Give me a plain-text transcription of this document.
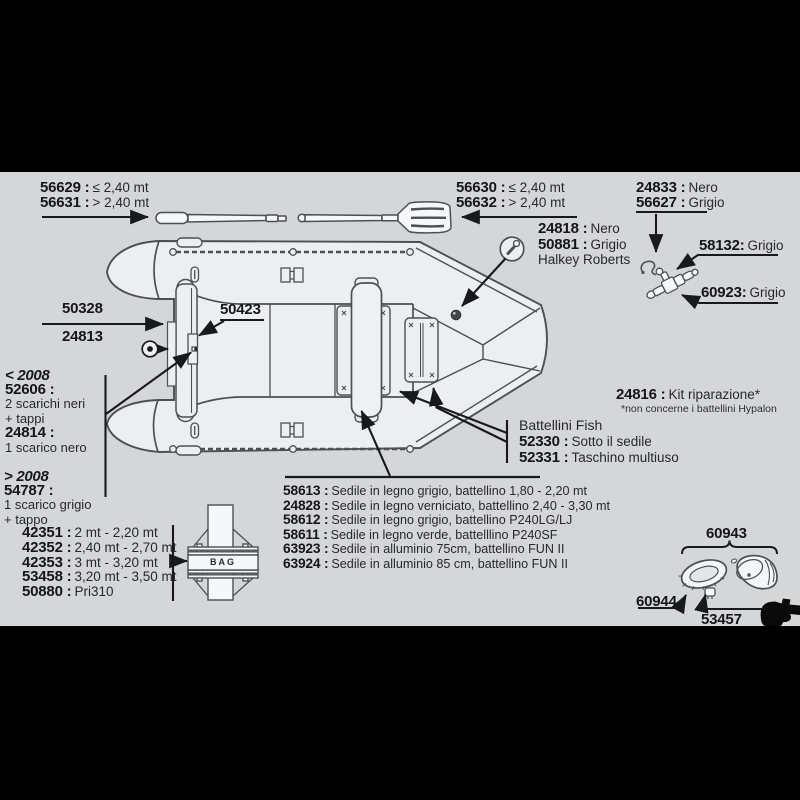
56629 : ≤ 2,40 mt
56631 : > 2,40 mt
56630 : ≤ 2,40 mt
56632 : > 2,40 mt
24833 : Nero
56627 : Grigio
24818 : Nero
50881 : Grigio
Halkey Roberts
58132: Grigio
60923: Grigio
50328
24813
50423
< 2008
52606 :
2 scarichi neri
+ tappi
24814 :
1 scarico nero
> 2008
54787 :
1 scarico grigio
+ tappo
42351 : 2 mt - 2,20 mt
42352 : 2,40 mt - 2,70 mt
42353 : 3 mt - 3,20 mt
53458 : 3,20 mt - 3,50 mt
50880 : Pri310
BAG
24816 : Kit riparazione*
*non concerne i battellini Hypalon
Battellini Fish
52330 : Sotto il sedile
52331 : Taschino multiuso
58613 : Sedile in legno grigio, battellino 1,80 - 2,20 mt
24828 : Sedile in legno verniciato, battellino 2,40 - 3,30 mt
58612 : Sedile in legno grigio, battellino P240LG/LJ
58611 : Sedile in legno verde, battelllino P240SF
63923 : Sedile in alluminio 75cm, battellino FUN II
63924 : Sedile in alluminio 85 cm, battellino FUN II
60943
60944
53457
